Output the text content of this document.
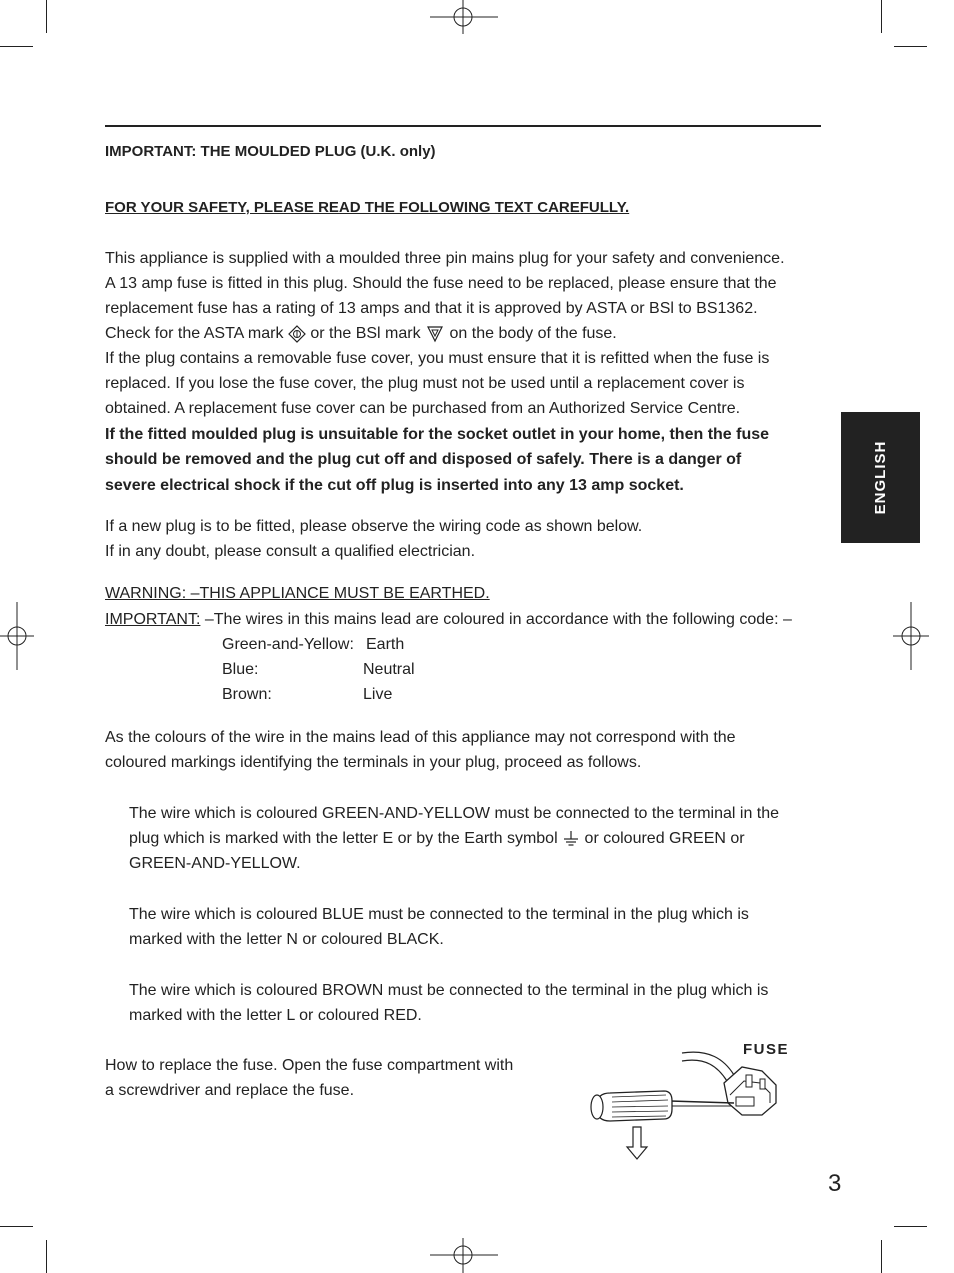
IMPORTANT: THE MOULDED PLUG (U.K. only)
FOR YOUR SAFETY, PLEASE READ THE FOLLOWING TEXT CAREFULLY.
This appliance is supplied with a moulded three pin mains plug for your safety and convenience.
A 13 amp fuse is fitted in this plug. Should the fuse need to be replaced, please ensure that the
replacement fuse has a rating of 13 amps and that it is approved by ASTA or BSl to BS1362.
Check for the ASTA mark or the BSl mark on the body of the fuse.
If the plug contains a removable fuse cover, you must ensure that it is refitted when the fuse is
replaced. If you lose the fuse cover, the plug must not be used until a replacement cover is
obtained. A replacement fuse cover can be purchased from an Authorized Service Centre.
If the fitted moulded plug is unsuitable for the socket outlet in your home, then the fuse
should be removed and the plug cut off and disposed of safely. There is a danger of
severe electrical shock if the cut off plug is inserted into any 13 amp socket.
If a new plug is to be fitted, please observe the wiring code as shown below.
If in any doubt, please consult a qualified electrician.
WARNING: –THIS APPLIANCE MUST BE EARTHED.
IMPORTANT: –The wires in this mains lead are coloured in accordance with the following code: –
Green-and-Yellow: Earth
Blue:	Neutral
Brown:	Live
As the colours of the wire in the mains lead of this appliance may not correspond with the
coloured markings identifying the terminals in your plug, proceed as follows.
The wire which is coloured GREEN-AND-YELLOW must be connected to the terminal in the
plug which is marked with the letter E or by the Earth symbol or coloured GREEN or
GREEN-AND-YELLOW.
The wire which is coloured BLUE must be connected to the terminal in the plug which is
marked with the letter N or coloured BLACK.
The wire which is coloured BROWN must be connected to the terminal in the plug which is
marked with the letter L or coloured RED.
How to replace the fuse. Open the fuse compartment with
a screwdriver and replace the fuse.
FUSE
ENGLISH
3
